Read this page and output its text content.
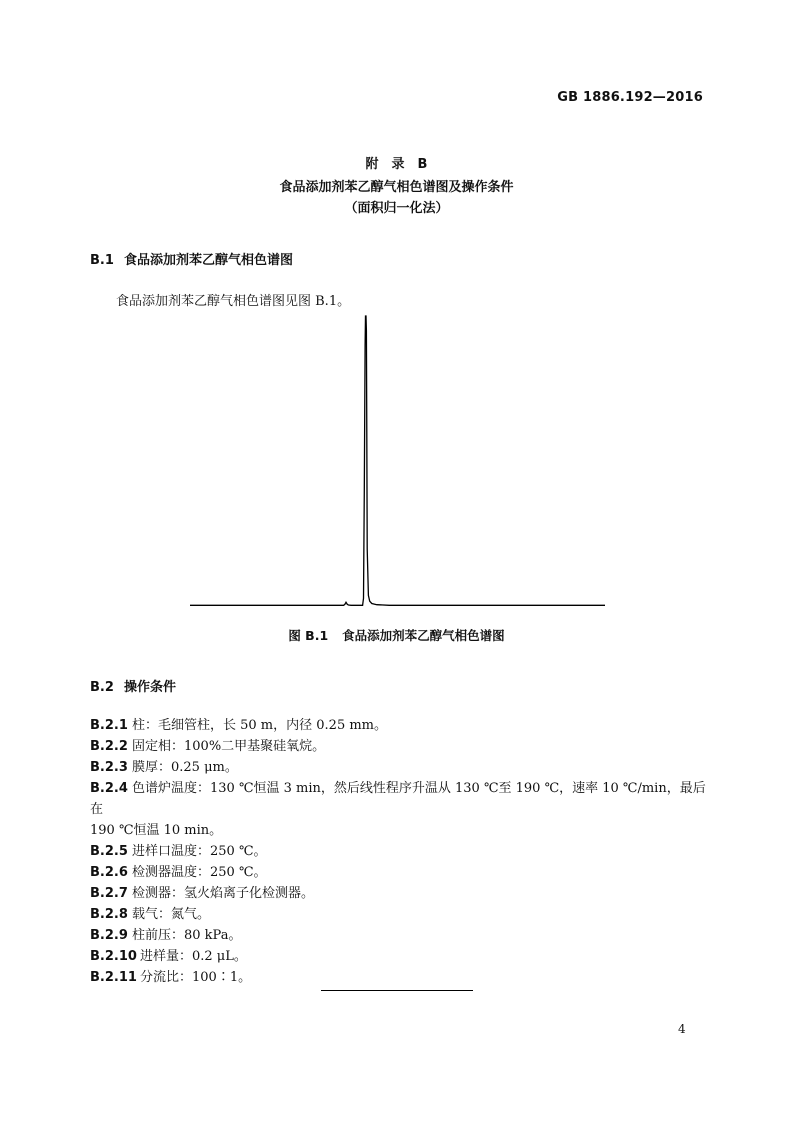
GB 1886.192—2016
附　录　B
食品添加剂苯乙醇气相色谱图及操作条件
（面积归一化法）
B.1 食品添加剂苯乙醇气相色谱图
食品添加剂苯乙醇气相色谱图见图 B.1。
图 B.1 食品添加剂苯乙醇气相色谱图
B.2 操作条件
B.2.1 柱：毛细管柱，长 50 m，内径 0.25 mm。
B.2.2 固定相：100%二甲基聚硅氧烷。
B.2.3 膜厚：0.25 μm。
B.2.4 色谱炉温度：130 ℃恒温 3 min，然后线性程序升温从 130 ℃至 190 ℃，速率 10 ℃/min，最后在
190 ℃恒温 10 min。
B.2.5 进样口温度：250 ℃。
B.2.6 检测器温度：250 ℃。
B.2.7 检测器：氢火焰离子化检测器。
B.2.8 载气：氮气。
B.2.9 柱前压：80 kPa。
B.2.10 进样量：0.2 μL。
B.2.11 分流比：100∶1。
4
